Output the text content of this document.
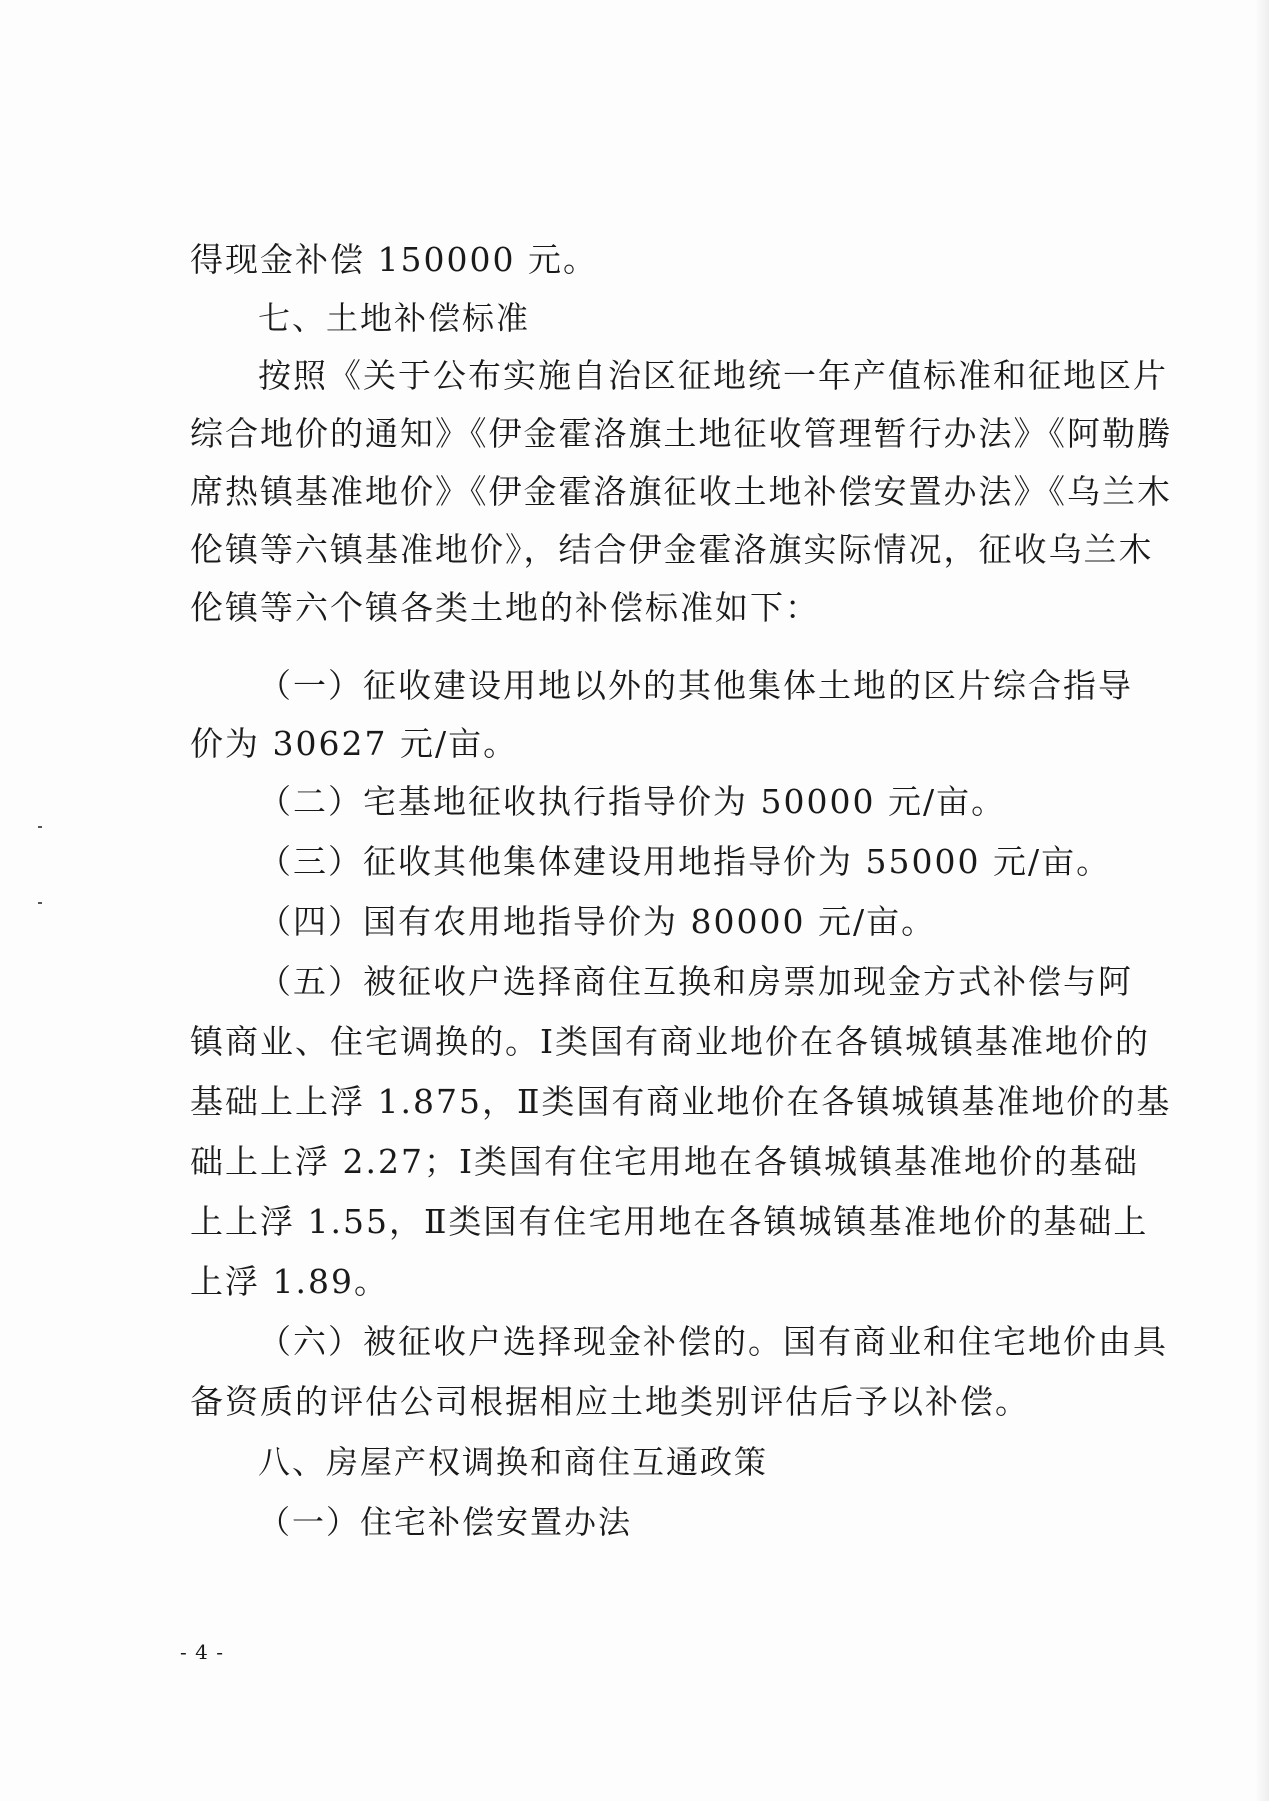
得现金补偿 150000 元。
七、土地补偿标准
按照《关于公布实施自治区征地统一年产值标准和征地区片
综合地价的通知》《伊金霍洛旗土地征收管理暂行办法》《阿勒腾
席热镇基准地价》《伊金霍洛旗征收土地补偿安置办法》《乌兰木
伦镇等六镇基准地价》，结合伊金霍洛旗实际情况，征收乌兰木
伦镇等六个镇各类土地的补偿标准如下：
（一）征收建设用地以外的其他集体土地的区片综合指导
价为 30627 元/亩。
（二）宅基地征收执行指导价为 50000 元/亩。
（三）征收其他集体建设用地指导价为 55000 元/亩。
（四）国有农用地指导价为 80000 元/亩。
（五）被征收户选择商住互换和房票加现金方式补偿与阿
镇商业、住宅调换的。Ⅰ类国有商业地价在各镇城镇基准地价的
基础上上浮 1.875，Ⅱ类国有商业地价在各镇城镇基准地价的基
础上上浮 2.27；Ⅰ类国有住宅用地在各镇城镇基准地价的基础
上上浮 1.55，Ⅱ类国有住宅用地在各镇城镇基准地价的基础上
上浮 1.89。
（六）被征收户选择现金补偿的。国有商业和住宅地价由具
备资质的评估公司根据相应土地类别评估后予以补偿。
八、房屋产权调换和商住互通政策
（一）住宅补偿安置办法
- 4 -
